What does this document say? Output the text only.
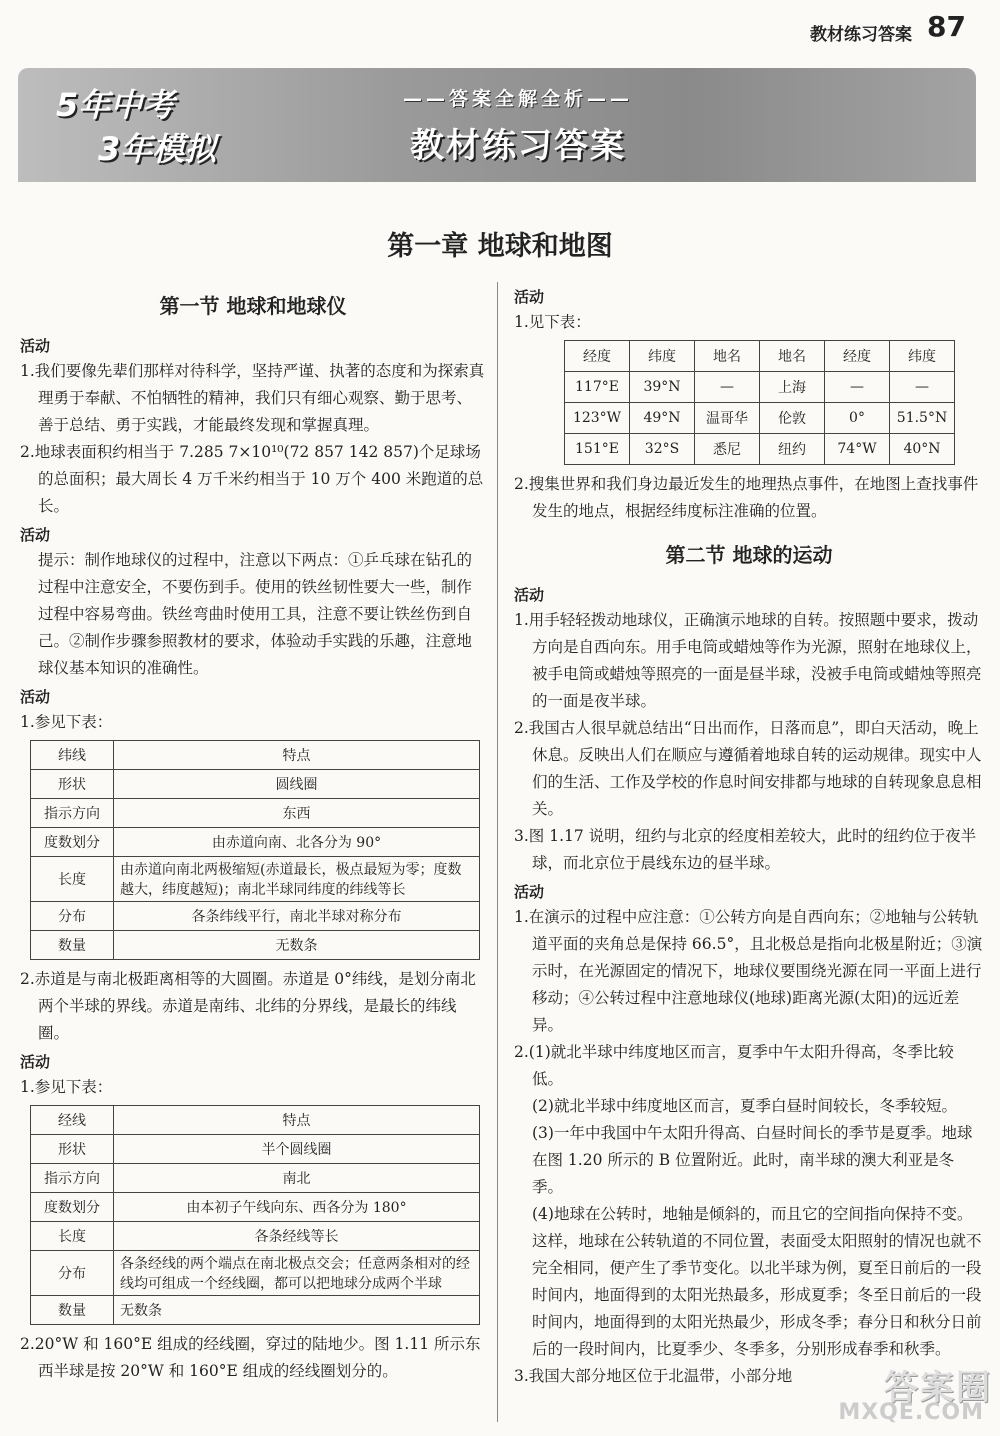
教材练习答案 87
5年中考
3年模拟
——答案全解全析——
教材练习答案
第一章 地球和地图
第一节 地球和地球仪
活动

1.我们要像先辈们那样对待科学，坚持严谨、执著的态度和为探索真理勇于奉献、不怕牺牲的精神，我们只有细心观察、勤于思考、善于总结、勇于实践，才能最终发现和掌握真理。

2.地球表面积约相当于 7.285 7×10¹⁰(72 857 142 857)个足球场的总面积；最大周长 4 万千米约相当于 10 万个 400 米跑道的总长。

活动

提示：制作地球仪的过程中，注意以下两点：①乒乓球在钻孔的过程中注意安全，不要伤到手。使用的铁丝韧性要大一些，制作过程中容易弯曲。铁丝弯曲时使用工具，注意不要让铁丝伤到自己。②制作步骤参照教材的要求，体验动手实践的乐趣，注意地球仪基本知识的准确性。

活动

1.参见下表：

纬线	特点
形状	圆线圈
指示方向	东西
度数划分	由赤道向南、北各分为 90°
长度	由赤道向南北两极缩短(赤道最长，极点最短为零；度数越大，纬度越短)；南北半球同纬度的纬线等长
分布	各条纬线平行，南北半球对称分布
数量	无数条

2.赤道是与南北极距离相等的大圆圈。赤道是 0°纬线，是划分南北两个半球的界线。赤道是南纬、北纬的分界线，是最长的纬线圈。

活动

1.参见下表：

经线	特点
形状	半个圆线圈
指示方向	南北
度数划分	由本初子午线向东、西各分为 180°
长度	各条经线等长
分布	各条经线的两个端点在南北极点交会；任意两条相对的经线均可组成一个经线圈，都可以把地球分成两个半球
数量	无数条

2.20°W 和 160°E 组成的经线圈，穿过的陆地少。图 1.11 所示东西半球是按 20°W 和 160°E 组成的经线圈划分的。

活动

1.见下表：

经度	纬度	地名	地名	经度	纬度
117°E	39°N	—	上海	—	—
123°W	49°N	温哥华	伦敦	0°	51.5°N
151°E	32°S	悉尼	纽约	74°W	40°N

2.搜集世界和我们身边最近发生的地理热点事件，在地图上查找事件发生的地点，根据经纬度标注准确的位置。

第二节 地球的运动
活动

1.用手轻轻拨动地球仪，正确演示地球的自转。按照题中要求，拨动方向是自西向东。用手电筒或蜡烛等作为光源，照射在地球仪上，被手电筒或蜡烛等照亮的一面是昼半球，没被手电筒或蜡烛等照亮的一面是夜半球。

2.我国古人很早就总结出“日出而作，日落而息”，即白天活动，晚上休息。反映出人们在顺应与遵循着地球自转的运动规律。现实中人们的生活、工作及学校的作息时间安排都与地球的自转现象息息相关。

3.图 1.17 说明，纽约与北京的经度相差较大，此时的纽约位于夜半球，而北京位于晨线东边的昼半球。

活动

1.在演示的过程中应注意：①公转方向是自西向东；②地轴与公转轨道平面的夹角总是保持 66.5°，且北极总是指向北极星附近；③演示时，在光源固定的情况下，地球仪要围绕光源在同一平面上进行移动；④公转过程中注意地球仪(地球)距离光源(太阳)的远近差异。

2.(1)就北半球中纬度地区而言，夏季中午太阳升得高，冬季比较低。

(2)就北半球中纬度地区而言，夏季白昼时间较长，冬季较短。

(3)一年中我国中午太阳升得高、白昼时间长的季节是夏季。地球在图 1.20 所示的 B 位置附近。此时，南半球的澳大利亚是冬季。

(4)地球在公转时，地轴是倾斜的，而且它的空间指向保持不变。这样，地球在公转轨道的不同位置，表面受太阳照射的情况也就不完全相同，便产生了季节变化。以北半球为例，夏至日前后的一段时间内，地面得到的太阳光热最多，形成夏季；冬至日前后的一段时间内，地面得到的太阳光热最少，形成冬季；春分日和秋分日前后的一段时间内，比夏季少、冬季多，分别形成春季和秋季。

3.我国大部分地区位于北温带，小部分地	答案圈
MXQE.COM
